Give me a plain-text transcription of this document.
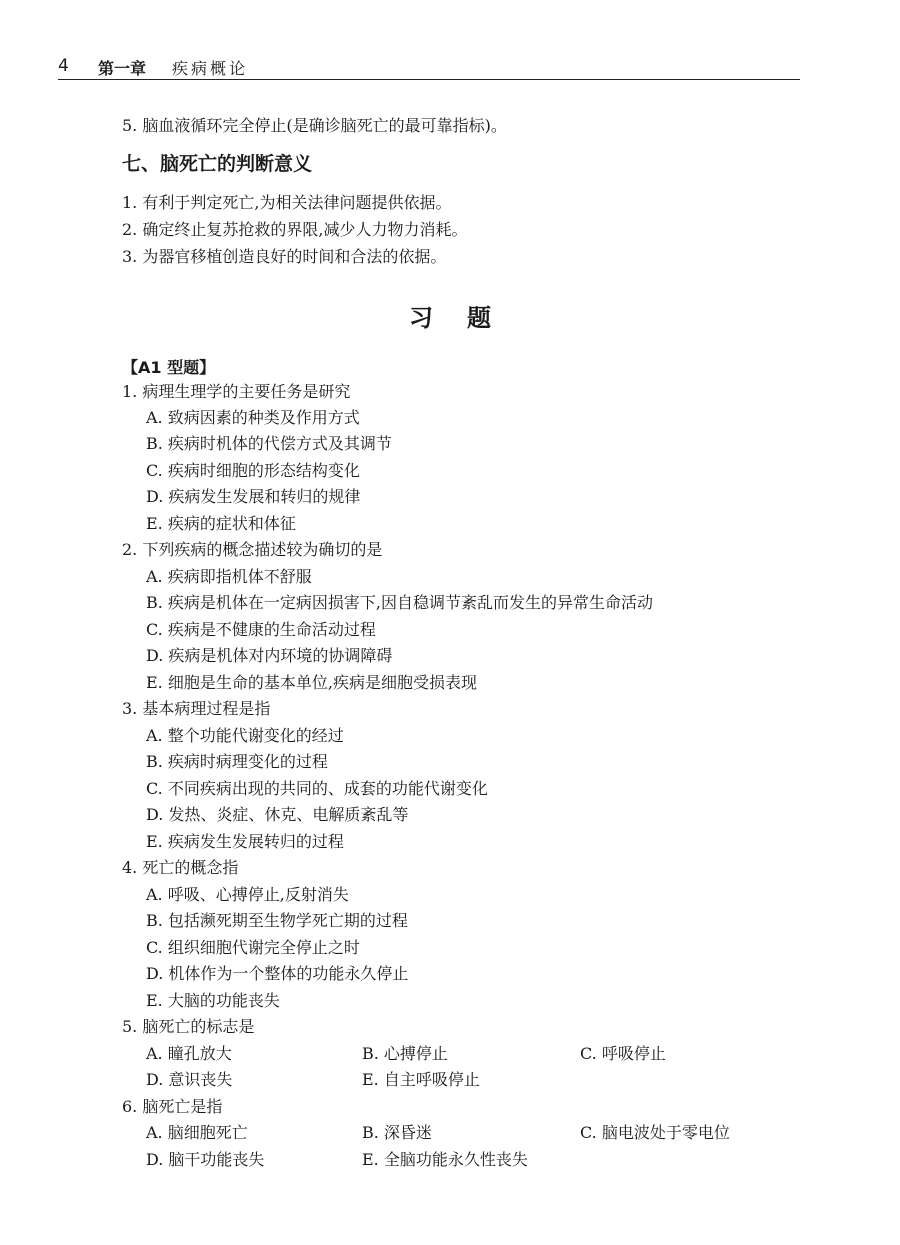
4 第一章 疾病概论
5. 脑血液循环完全停止(是确诊脑死亡的最可靠指标)。
七、脑死亡的判断意义
1. 有利于判定死亡,为相关法律问题提供依据。
2. 确定终止复苏抢救的界限,减少人力物力消耗。
3. 为器官移植创造良好的时间和合法的依据。
习题
【A1 型题】
1. 病理生理学的主要任务是研究
A. 致病因素的种类及作用方式
B. 疾病时机体的代偿方式及其调节
C. 疾病时细胞的形态结构变化
D. 疾病发生发展和转归的规律
E. 疾病的症状和体征
2. 下列疾病的概念描述较为确切的是
A. 疾病即指机体不舒服
B. 疾病是机体在一定病因损害下,因自稳调节紊乱而发生的异常生命活动
C. 疾病是不健康的生命活动过程
D. 疾病是机体对内环境的协调障碍
E. 细胞是生命的基本单位,疾病是细胞受损表现
3. 基本病理过程是指
A. 整个功能代谢变化的经过
B. 疾病时病理变化的过程
C. 不同疾病出现的共同的、成套的功能代谢变化
D. 发热、炎症、休克、电解质紊乱等
E. 疾病发生发展转归的过程
4. 死亡的概念指
A. 呼吸、心搏停止,反射消失
B. 包括濒死期至生物学死亡期的过程
C. 组织细胞代谢完全停止之时
D. 机体作为一个整体的功能永久停止
E. 大脑的功能丧失
5. 脑死亡的标志是
A. 瞳孔放大	B. 心搏停止	C. 呼吸停止
D. 意识丧失	E. 自主呼吸停止
6. 脑死亡是指
A. 脑细胞死亡	B. 深昏迷	C. 脑电波处于零电位
D. 脑干功能丧失	E. 全脑功能永久性丧失
